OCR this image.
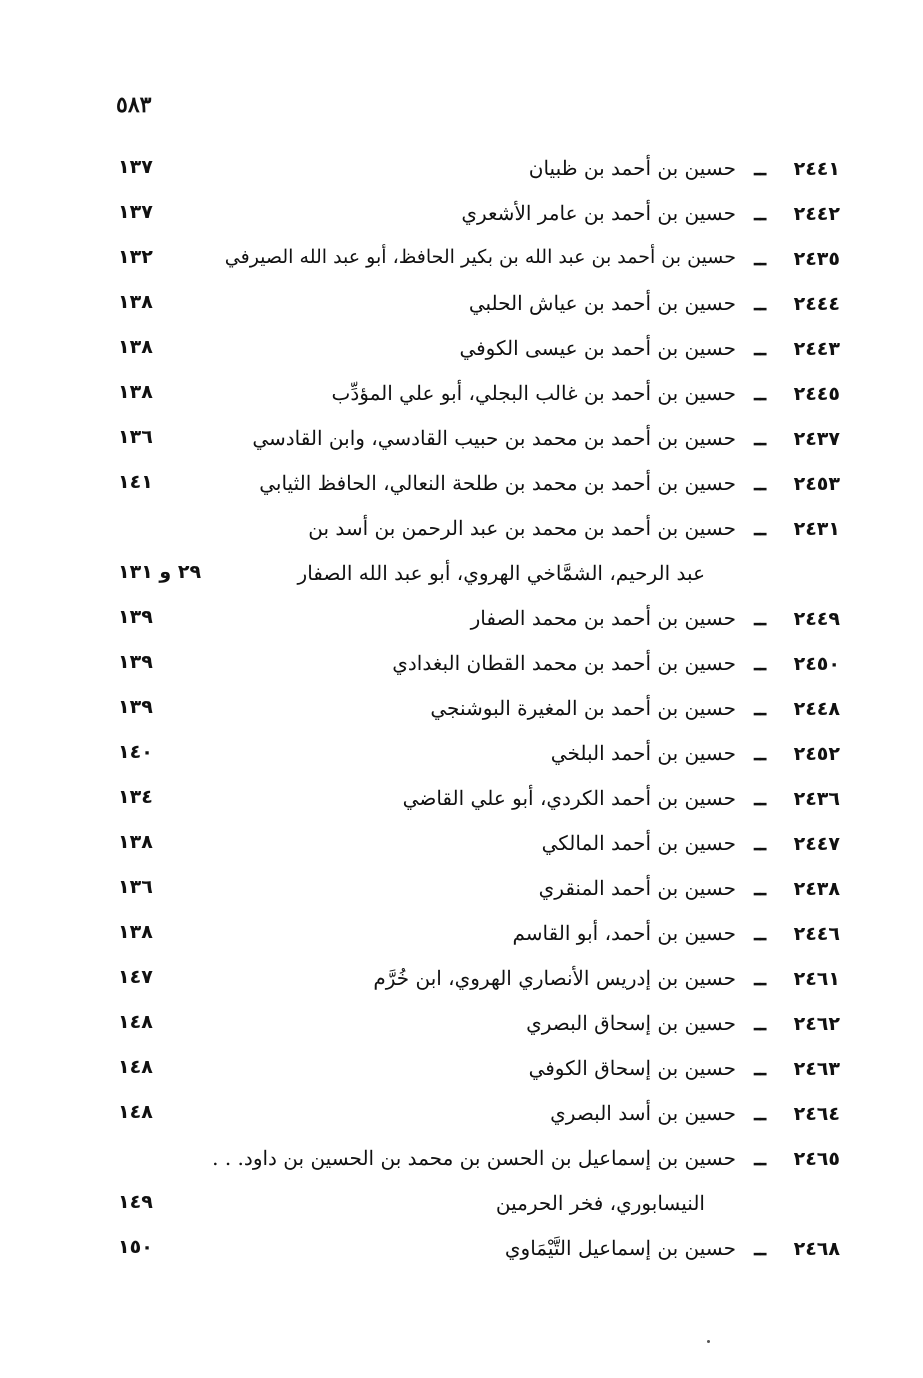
٥٨٣
٢٤٤١
ــ
حسين بن أحمد بن ظبيان
١٣٧
٢٤٤٢
ــ
حسين بن أحمد بن عامر الأشعري
١٣٧
٢٤٣٥
ــ
حسين بن أحمد بن عبد الله بن بكير الحافظ، أبو عبد الله الصيرفي
١٣٢
٢٤٤٤
ــ
حسين بن أحمد بن عياش الحلبي
١٣٨
٢٤٤٣
ــ
حسين بن أحمد بن عيسى الكوفي
١٣٨
٢٤٤٥
ــ
حسين بن أحمد بن غالب البجلي، أبو علي المؤدِّب
١٣٨
٢٤٣٧
ــ
حسين بن أحمد بن محمد بن حبيب القادسي، وابن القادسي
١٣٦
٢٤٥٣
ــ
حسين بن أحمد بن محمد بن طلحة النعالي، الحافظ الثيابي
١٤١
٢٤٣١
ــ
حسين بن أحمد بن محمد بن عبد الرحمن بن أسد بن
عبد الرحيم، الشمَّاخي الهروي، أبو عبد الله الصفار
٢٩ و ١٣١
٢٤٤٩
ــ
حسين بن أحمد بن محمد الصفار
١٣٩
٢٤٥٠
ــ
حسين بن أحمد بن محمد القطان البغدادي
١٣٩
٢٤٤٨
ــ
حسين بن أحمد بن المغيرة البوشنجي
١٣٩
٢٤٥٢
ــ
حسين بن أحمد البلخي
١٤٠
٢٤٣٦
ــ
حسين بن أحمد الكردي، أبو علي القاضي
١٣٤
٢٤٤٧
ــ
حسين بن أحمد المالكي
١٣٨
٢٤٣٨
ــ
حسين بن أحمد المنقري
١٣٦
٢٤٤٦
ــ
حسين بن أحمد، أبو القاسم
١٣٨
٢٤٦١
ــ
حسين بن إدريس الأنصاري الهروي، ابن خُرَّم
١٤٧
٢٤٦٢
ــ
حسين بن إسحاق البصري
١٤٨
٢٤٦٣
ــ
حسين بن إسحاق الكوفي
١٤٨
٢٤٦٤
ــ
حسين بن أسد البصري
١٤٨
٢٤٦٥
ــ
حسين بن إسماعيل بن الحسن بن محمد بن الحسين بن داود. . .
النيسابوري، فخر الحرمين
١٤٩
٢٤٦٨
ــ
حسين بن إسماعيل التَّيْمَاوي
١٥٠
